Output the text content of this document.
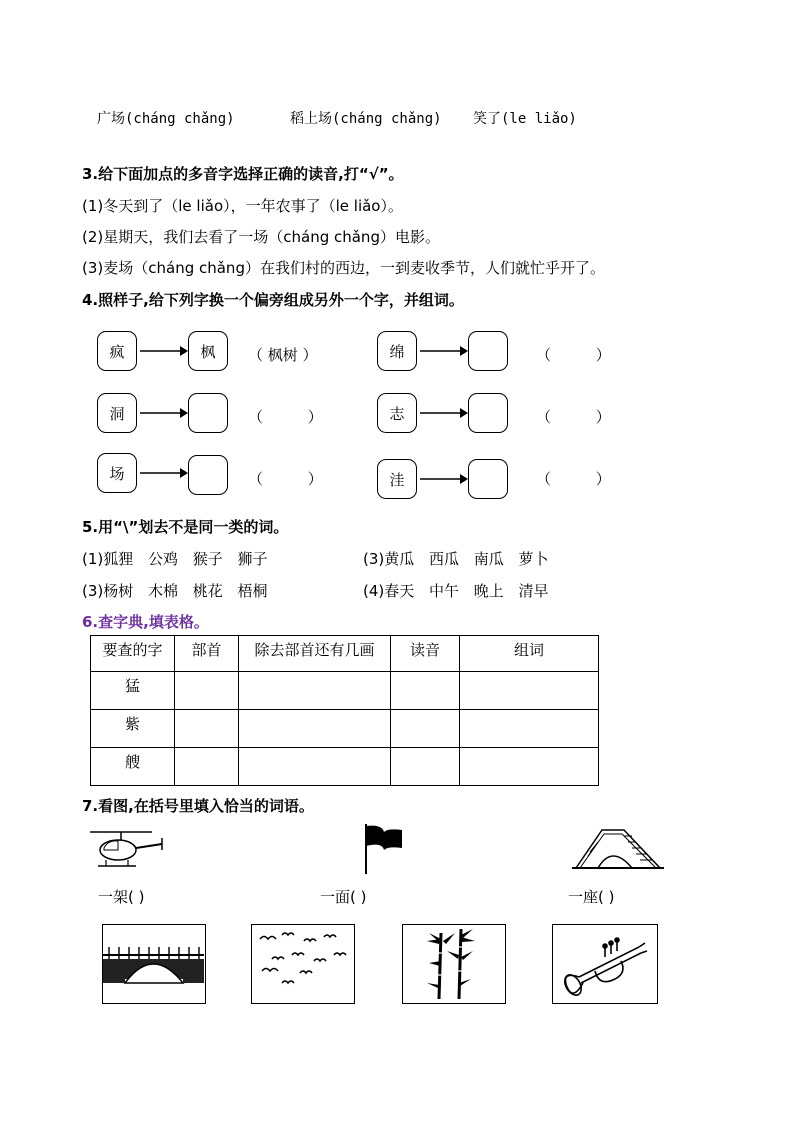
广场(cháng chǎng)	稻上场(cháng chǎng) 笑了(le liǎo)
3.给下面加点的多音字选择正确的读音,打“√”。
(1)冬天到了（le liǎo），一年农事了（le liǎo）。
(2)星期天，我们去看了一场（cháng chǎng）电影。
(3)麦场（cháng chǎng）在我们村的西边，一到麦收季节，人们就忙乎开了。
4.照样子,给下列字换一个偏旁组成另外一个字，并组词。
疯	枫	（ 枫树 ）	绵	（ ）
洞	（ ）	志	（ ）
场	（ ）	洼	（ ）
5.用“\”划去不是同一类的词。
(1)狐狸 公鸡 猴子 狮子	(3)黄瓜 西瓜 南瓜 萝卜
(3)杨树 木棉 桃花 梧桐	(4)春天 中午 晚上 清早
6.查字典,填表格。
要查的字	部首	除去部首还有几画	读音	组词
猛				
紫				
艘				
7.看图,在括号里填入恰当的词语。
一架( )	一面( )	一座( )
